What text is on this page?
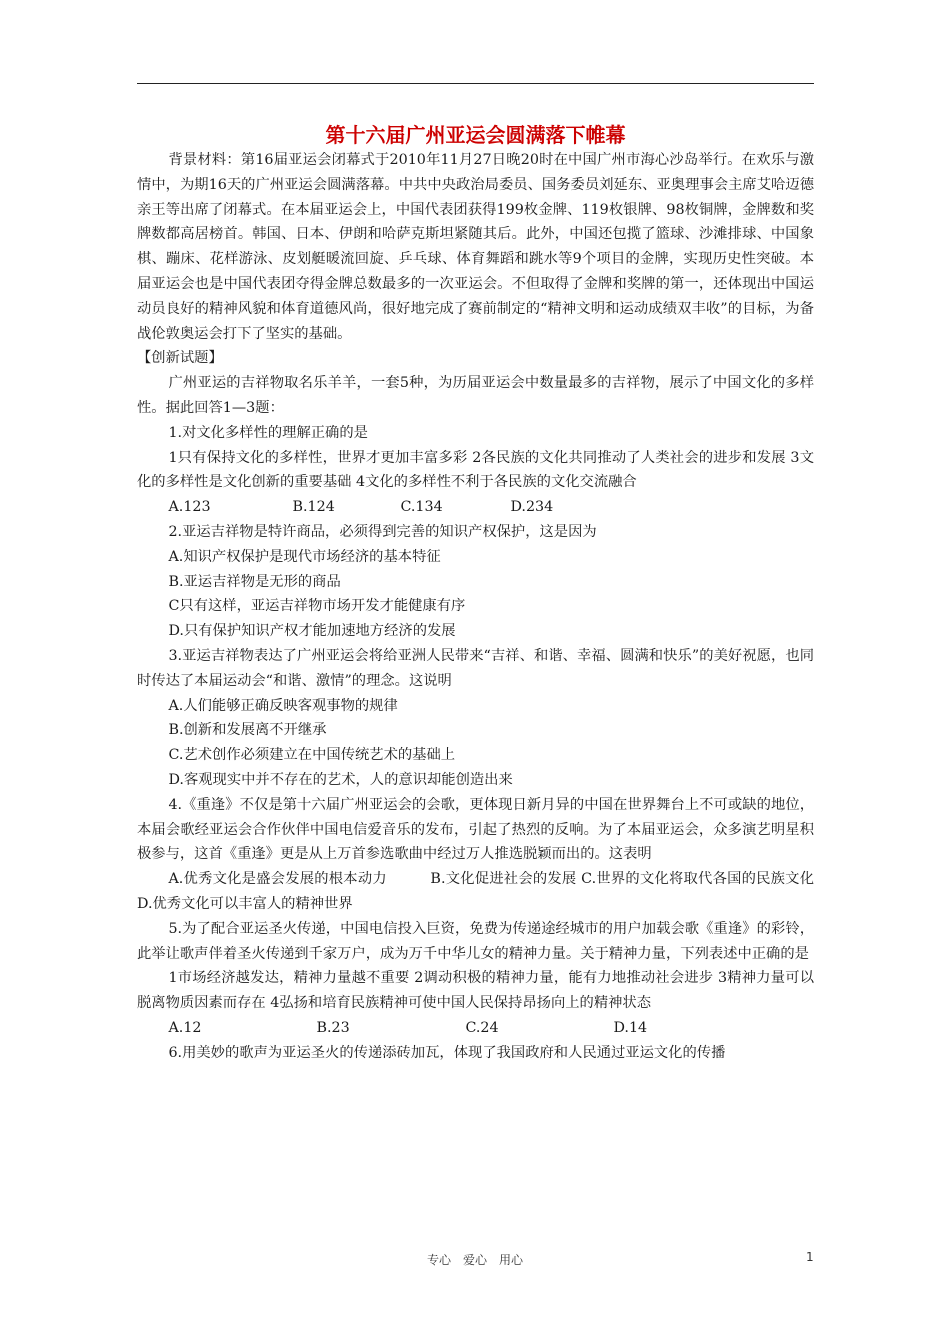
第十六届广州亚运会圆满落下帷幕

背景材料：第16届亚运会闭幕式于2010年11月27日晚20时在中国广州市海心沙岛举行。在欢乐与激情中，为期16天的广州亚运会圆满落幕。中共中央政治局委员、国务委员刘延东、亚奥理事会主席艾哈迈德亲王等出席了闭幕式。在本届亚运会上，中国代表团获得199枚金牌、119枚银牌、98枚铜牌，金牌数和奖牌数都高居榜首。韩国、日本、伊朗和哈萨克斯坦紧随其后。此外，中国还包揽了篮球、沙滩排球、中国象棋、蹦床、花样游泳、皮划艇暖流回旋、乒乓球、体育舞蹈和跳水等9个项目的金牌，实现历史性突破。本届亚运会也是中国代表团夺得金牌总数最多的一次亚运会。不但取得了金牌和奖牌的第一，还体现出中国运动员良好的精神风貌和体育道德风尚，很好地完成了赛前制定的“精神文明和运动成绩双丰收”的目标，为备战伦敦奥运会打下了坚实的基础。

【创新试题】

广州亚运的吉祥物取名乐羊羊，一套5种，为历届亚运会中数量最多的吉祥物，展示了中国文化的多样性。据此回答1—3题：

1.对文化多样性的理解正确的是

1只有保持文化的多样性，世界才更加丰富多彩 2各民族的文化共同推动了人类社会的进步和发展 3文化的多样性是文化创新的重要基础 4文化的多样性不利于各民族的文化交流融合

A.123	B.124	C.134	D.234

2.亚运吉祥物是特许商品，必须得到完善的知识产权保护，这是因为

A.知识产权保护是现代市场经济的基本特征

B.亚运吉祥物是无形的商品

C只有这样，亚运吉祥物市场开发才能健康有序

D.只有保护知识产权才能加速地方经济的发展

3.亚运吉祥物表达了广州亚运会将给亚洲人民带来“吉祥、和谐、幸福、圆满和快乐”的美好祝愿，也同时传达了本届运动会“和谐、激情”的理念。这说明

A.人们能够正确反映客观事物的规律

B.创新和发展离不开继承

C.艺术创作必须建立在中国传统艺术的基础上

D.客观现实中并不存在的艺术，人的意识却能创造出来

4.《重逢》不仅是第十六届广州亚运会的会歌，更体现日新月异的中国在世界舞台上不可或缺的地位，本届会歌经亚运会合作伙伴中国电信爱音乐的发布，引起了热烈的反响。为了本届亚运会，众多演艺明星积极参与，这首《重逢》更是从上万首参选歌曲中经过万人推选脱颖而出的。这表明

A.优秀文化是盛会发展的根本动力　　　B.文化促进社会的发展 C.世界的文化将取代各国的民族文化　　D.优秀文化可以丰富人的精神世界

5.为了配合亚运圣火传递，中国电信投入巨资，免费为传递途经城市的用户加载会歌《重逢》的彩铃，此举让歌声伴着圣火传递到千家万户，成为万千中华儿女的精神力量。关于精神力量，下列表述中正确的是

1市场经济越发达，精神力量越不重要 2调动积极的精神力量，能有力地推动社会进步 3精神力量可以脱离物质因素而存在 4弘扬和培育民族精神可使中国人民保持昂扬向上的精神状态

A.12	B.23	C.24	D.14

6.用美妙的歌声为亚运圣火的传递添砖加瓦，体现了我国政府和人民通过亚运文化的传播

专心　爱心　用心	1
